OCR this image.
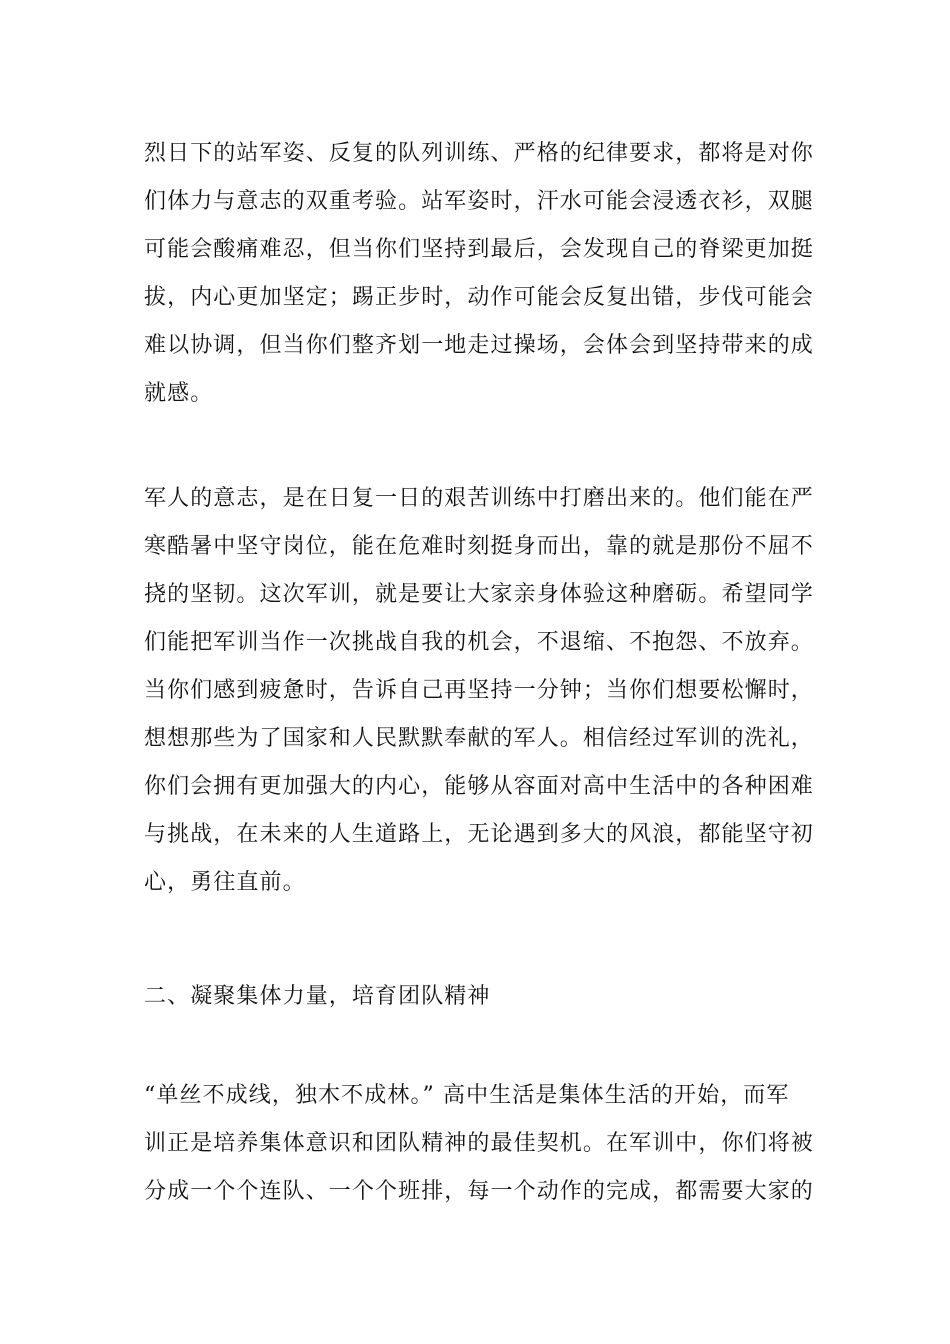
烈日下的站军姿、反复的队列训练、严格的纪律要求，都将是对你
们体力与意志的双重考验。站军姿时，汗水可能会浸透衣衫，双腿
可能会酸痛难忍，但当你们坚持到最后，会发现自己的脊梁更加挺
拔，内心更加坚定；踢正步时，动作可能会反复出错，步伐可能会
难以协调，但当你们整齐划一地走过操场，会体会到坚持带来的成
就感。
军人的意志，是在日复一日的艰苦训练中打磨出来的。他们能在严
寒酷暑中坚守岗位，能在危难时刻挺身而出，靠的就是那份不屈不
挠的坚韧。这次军训，就是要让大家亲身体验这种磨砺。希望同学
们能把军训当作一次挑战自我的机会，不退缩、不抱怨、不放弃。
当你们感到疲惫时，告诉自己再坚持一分钟；当你们想要松懈时，
想想那些为了国家和人民默默奉献的军人。相信经过军训的洗礼，
你们会拥有更加强大的内心，能够从容面对高中生活中的各种困难
与挑战，在未来的人生道路上，无论遇到多大的风浪，都能坚守初
心，勇往直前。
二、凝聚集体力量，培育团队精神
“单丝不成线，独木不成林。” 高中生活是集体生活的开始，而军
训正是培养集体意识和团队精神的最佳契机。在军训中，你们将被
分成一个个连队、一个个班排，每一个动作的完成，都需要大家的
